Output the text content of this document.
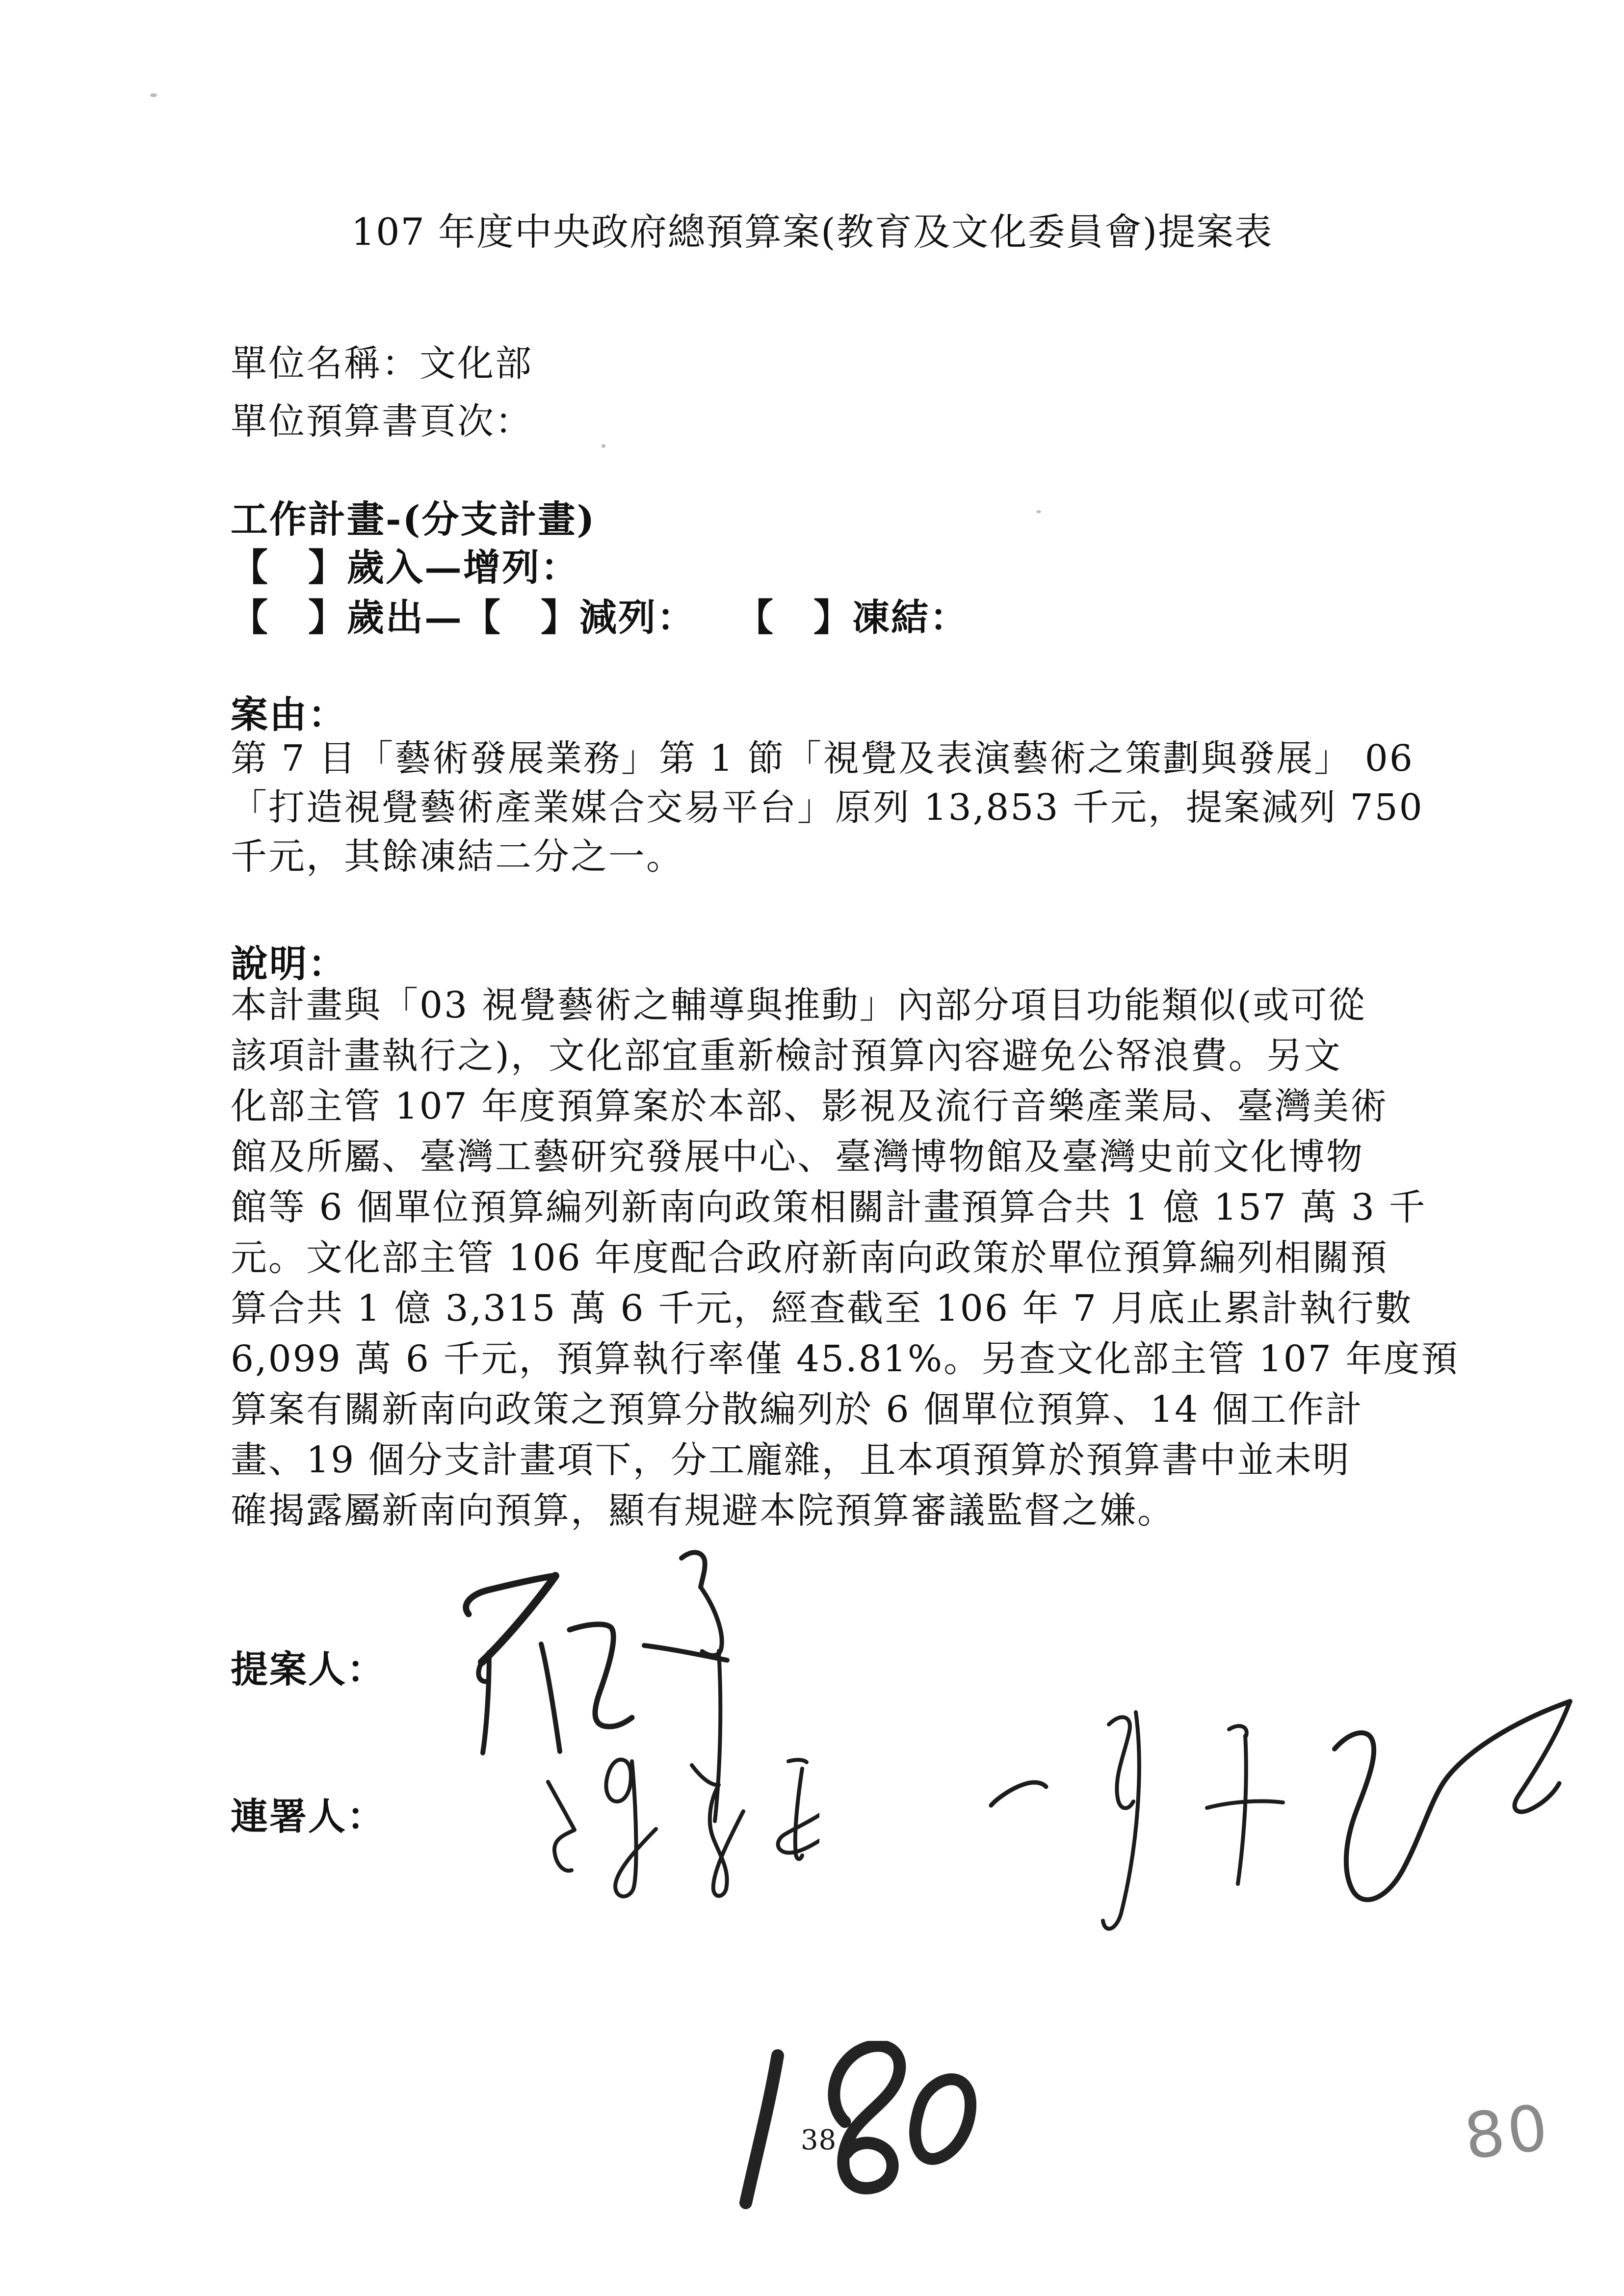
107 年度中央政府總預算案(教育及文化委員會)提案表
單位名稱：文化部
單位預算書頁次：
工作計畫-(分支計畫)
【　】歲入—增列：
【　】歲出—【　】減列：　　【　】凍結：
案由：
第 7 目「藝術發展業務」第 1 節「視覺及表演藝術之策劃與發展」 06
「打造視覺藝術產業媒合交易平台」原列 13,853 千元，提案減列 750
千元，其餘凍結二分之一。
說明：
本計畫與「03 視覺藝術之輔導與推動」內部分項目功能類似(或可從
該項計畫執行之)，文化部宜重新檢討預算內容避免公帑浪費。另文
化部主管 107 年度預算案於本部、影視及流行音樂產業局、臺灣美術
館及所屬、臺灣工藝研究發展中心、臺灣博物館及臺灣史前文化博物
館等 6 個單位預算編列新南向政策相關計畫預算合共 1 億 157 萬 3 千
元。文化部主管 106 年度配合政府新南向政策於單位預算編列相關預
算合共 1 億 3,315 萬 6 千元，經查截至 106 年 7 月底止累計執行數
6,099 萬 6 千元，預算執行率僅 45.81%。另查文化部主管 107 年度預
算案有關新南向政策之預算分散編列於 6 個單位預算、14 個工作計
畫、19 個分支計畫項下，分工龐雜，且本項預算於預算書中並未明
確揭露屬新南向預算，顯有規避本院預算審議監督之嫌。
提案人：
連署人：
38	80
